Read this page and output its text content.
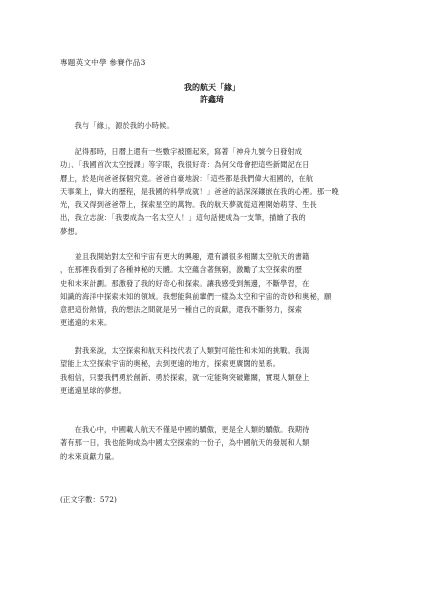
專題英文中學 參賽作品3
我的航天「緣」
許鑫琦
　　我与「緣」，源於我的小時候。
　　記得那時，日曆上還有一些數字被圈起來，寫著「神舟九號今日發射成
功」、「我國首次太空授課」等字眼，我很好奇：為何父母會把這些新聞記在日
曆上，於是向爸爸探個究竟。爸爸自豪地說：「這些都是我們偉大祖國的，在航
天事業上，偉大的歷程，是我國的科學成就！」爸爸的話深深鑲嵌在我的心裡。那一晚
光，我又得到爸爸帶上，探索星空的萬物。我的航天夢就從這裡開始萌芽、生長
出，我立志說：「我要成為一名太空人！」這句話便成為一支筆，描繪了我的
夢想。
　　並且我開始對太空和宇宙有更大的興趣，還有讀很多相關太空航天的書籍
，在那裡我看到了各種神秘的天體。太空蘊含著無窮，激勵了太空探索的歷
史和未來計劃。那激發了我的好奇心和探索。讓我感受到無邊，不斷學習，在
知識的海洋中探索未知的領域。我想能與前輩們一樣為太空和宇宙的奇妙和奧秘，願
意把這份熱情，我的想法之間就是另一種自己的貢獻，還我不斷努力，探索
更遙遠的未來。
　　對我來說，太空探索和航天科技代表了人類對可能性和未知的挑戰。我渴
望能上太空探索宇宙的奧秘，去到更遠的地方，探索更廣闊的星系。
我相信，只要我們勇於創新、勇於探索，就一定能夠突破難關，實現人類登上
更遙遠星球的夢想。
　　在我心中，中國載人航天不僅是中國的驕傲，更是全人類的驕傲。我期待
著有那一日，我也能夠成為中國太空探索的一份子，為中國航天的發展和人類
的未來貢獻力量。
(正文字數：572)
